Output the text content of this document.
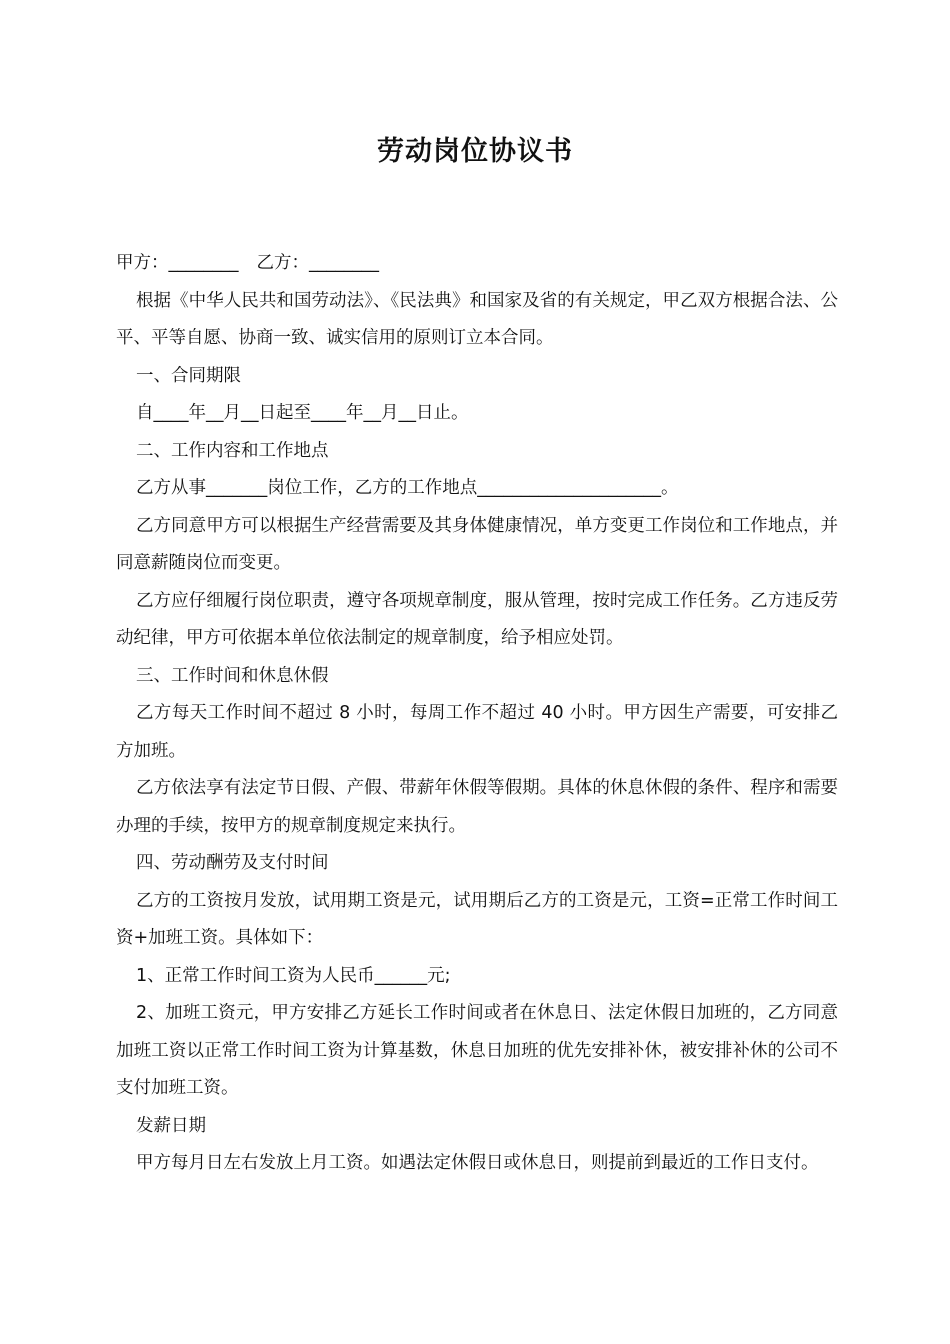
劳动岗位协议书

甲方：________ 乙方：________

根据《中华人民共和国劳动法》、《民法典》和国家及省的有关规定，甲乙双方根据合法、公平、平等自愿、协商一致、诚实信用的原则订立本合同。

一、合同期限

自____年__月__日起至____年__月__日止。

二、工作内容和工作地点

乙方从事_______岗位工作，乙方的工作地点_____________________。

乙方同意甲方可以根据生产经营需要及其身体健康情况，单方变更工作岗位和工作地点，并同意薪随岗位而变更。

乙方应仔细履行岗位职责，遵守各项规章制度，服从管理，按时完成工作任务。乙方违反劳动纪律，甲方可依据本单位依法制定的规章制度，给予相应处罚。

三、工作时间和休息休假

乙方每天工作时间不超过 8 小时，每周工作不超过 40 小时。甲方因生产需要，可安排乙方加班。

乙方依法享有法定节日假、产假、带薪年休假等假期。具体的休息休假的条件、程序和需要办理的手续，按甲方的规章制度规定来执行。

四、劳动酬劳及支付时间

乙方的工资按月发放，试用期工资是元，试用期后乙方的工资是元，工资=正常工作时间工资+加班工资。具体如下：

1、正常工作时间工资为人民币______元;

2、加班工资元，甲方安排乙方延长工作时间或者在休息日、法定休假日加班的，乙方同意加班工资以正常工作时间工资为计算基数，休息日加班的优先安排补休，被安排补休的公司不支付加班工资。

发薪日期

甲方每月日左右发放上月工资。如遇法定休假日或休息日，则提前到最近的工作日支付。
